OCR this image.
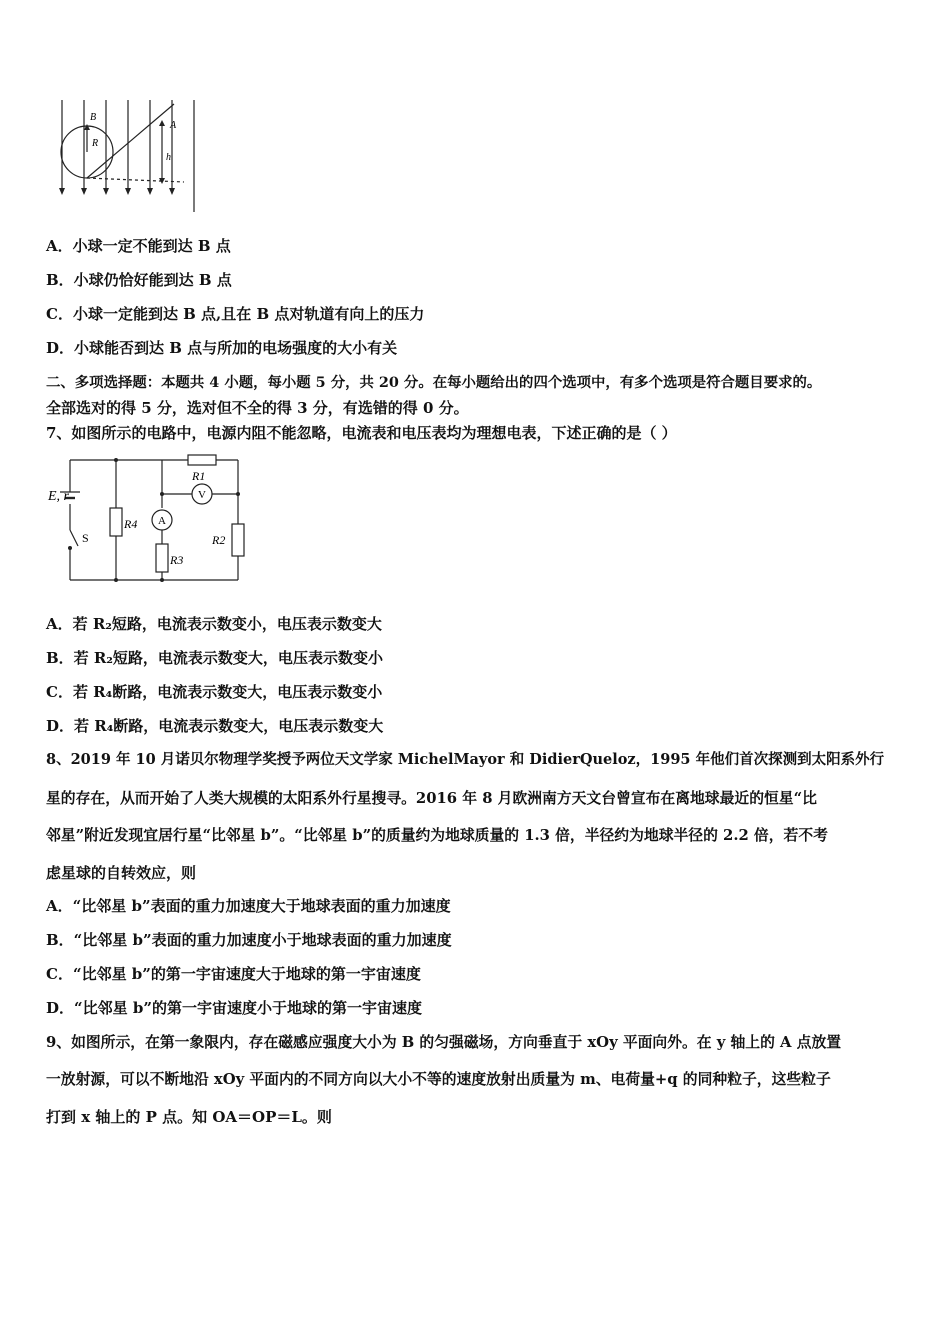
B
R
A
h
A．小球一定不能到达 B 点
B．小球仍恰好能到达 B 点
C．小球一定能到达 B 点,且在 B 点对轨道有向上的压力
D．小球能否到达 B 点与所加的电场强度的大小有关
二、多项选择题：本题共 4 小题，每小题 5 分，共 20 分。在每小题给出的四个选项中，有多个选项是符合题目要求的。
全部选对的得 5 分，选对但不全的得 3 分，有选错的得 0 分。
7、如图所示的电路中，电源内阻不能忽略，电流表和电压表均为理想电表，下述正确的是（ ）
E, r
S
R1
R2
R3
R4 A
V
A．若 R₂短路，电流表示数变小，电压表示数变大
B．若 R₂短路，电流表示数变大，电压表示数变小
C．若 R₄断路，电流表示数变大，电压表示数变小
D．若 R₄断路，电流表示数变大，电压表示数变大
8、2019 年 10 月诺贝尔物理学奖授予两位天文学家 MichelMayor 和 DidierQueloz，1995 年他们首次探测到太阳系外行
星的存在，从而开始了人类大规模的太阳系外行星搜寻。2016 年 8 月欧洲南方天文台曾宣布在离地球最近的恒星“比
邻星”附近发现宜居行星“比邻星 b”。“比邻星 b”的质量约为地球质量的 1.3 倍，半径约为地球半径的 2.2 倍，若不考
虑星球的自转效应，则
A．“比邻星 b”表面的重力加速度大于地球表面的重力加速度
B．“比邻星 b”表面的重力加速度小于地球表面的重力加速度
C．“比邻星 b”的第一宇宙速度大于地球的第一宇宙速度
D．“比邻星 b”的第一宇宙速度小于地球的第一宇宙速度
9、如图所示，在第一象限内，存在磁感应强度大小为 B 的匀强磁场，方向垂直于 xOy 平面向外。在 y 轴上的 A 点放置
一放射源，可以不断地沿 xOy 平面内的不同方向以大小不等的速度放射出质量为 m、电荷量+q 的同种粒子，这些粒子
打到 x 轴上的 P 点。知 OA＝OP＝L。则
